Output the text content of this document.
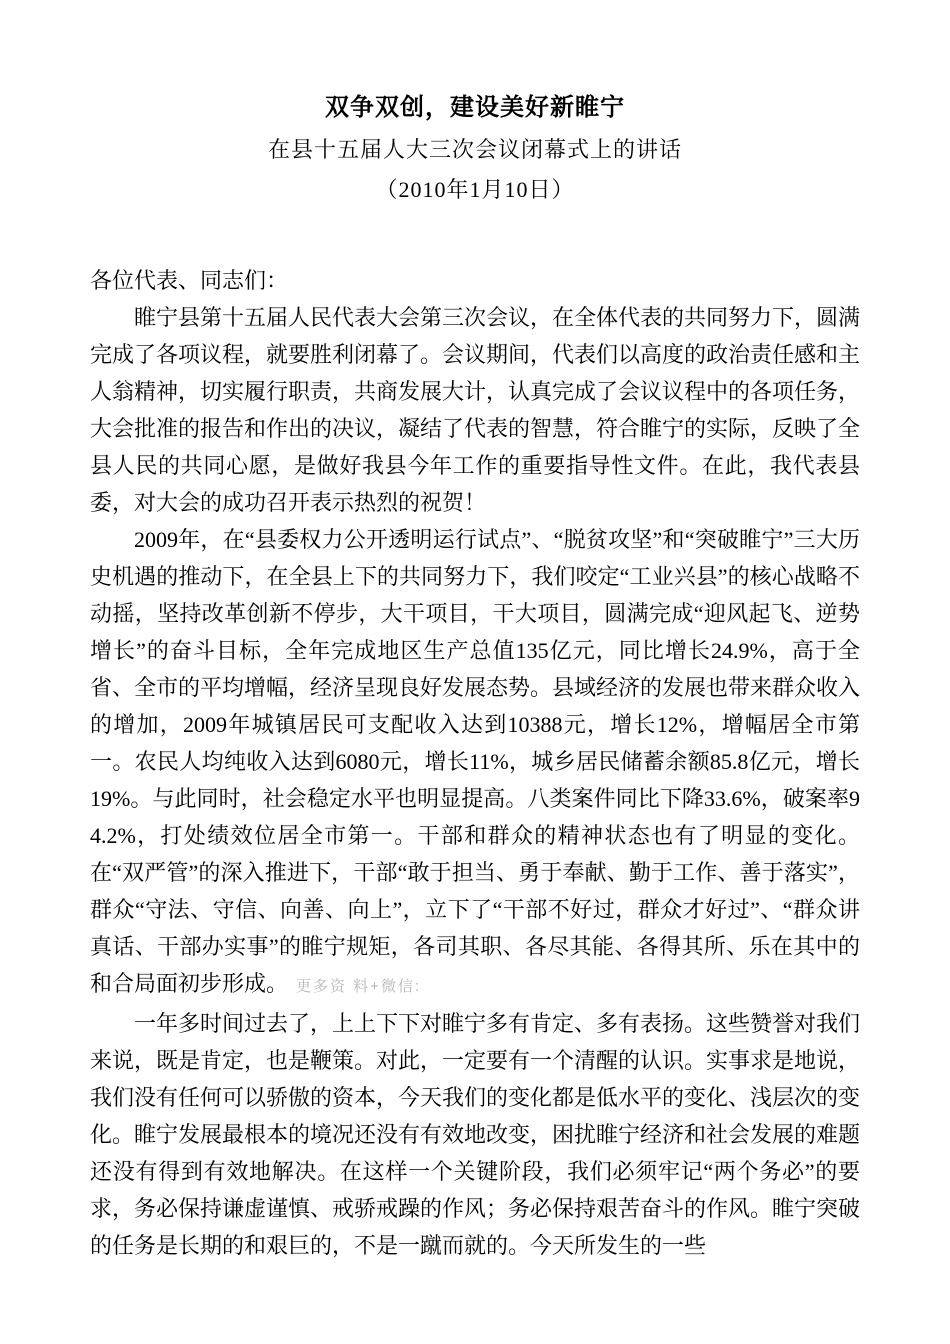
双争双创，建设美好新睢宁
在县十五届人大三次会议闭幕式上的讲话
（2010年1月10日）

各位代表、同志们：

睢宁县第十五届人民代表大会第三次会议，在全体代表的共同努力下，圆满完成了各项议程，就要胜利闭幕了。会议期间，代表们以高度的政治责任感和主人翁精神，切实履行职责，共商发展大计，认真完成了会议议程中的各项任务，大会批准的报告和作出的决议，凝结了代表的智慧，符合睢宁的实际，反映了全县人民的共同心愿，是做好我县今年工作的重要指导性文件。在此，我代表县委，对大会的成功召开表示热烈的祝贺！

2009年，在“县委权力公开透明运行试点”、“脱贫攻坚”和“突破睢宁”三大历史机遇的推动下，在全县上下的共同努力下，我们咬定“工业兴县”的核心战略不动摇，坚持改革创新不停步，大干项目，干大项目，圆满完成“迎风起飞、逆势增长”的奋斗目标，全年完成地区生产总值135亿元，同比增长24.9%，高于全省、全市的平均增幅，经济呈现良好发展态势。县域经济的发展也带来群众收入的增加，2009年城镇居民可支配收入达到10388元，增长12%，增幅居全市第一。农民人均纯收入达到6080元，增长11%，城乡居民储蓄余额85.8亿元，增长19%。与此同时，社会稳定水平也明显提高。八类案件同比下降33.6%，破案率94.2%，打处绩效位居全市第一。干部和群众的精神状态也有了明显的变化。在“双严管”的深入推进下，干部“敢于担当、勇于奉献、勤于工作、善于落实”，群众“守法、守信、向善、向上”，立下了“干部不好过，群众才好过”、“群众讲真话、干部办实事”的睢宁规矩，各司其职、各尽其能、各得其所、乐在其中的和合局面初步形成。 更多资 料+微信:

一年多时间过去了，上上下下对睢宁多有肯定、多有表扬。这些赞誉对我们来说，既是肯定，也是鞭策。对此，一定要有一个清醒的认识。实事求是地说，我们没有任何可以骄傲的资本，今天我们的变化都是低水平的变化、浅层次的变化。睢宁发展最根本的境况还没有有效地改变，困扰睢宁经济和社会发展的难题还没有得到有效地解决。在这样一个关键阶段，我们必须牢记“两个务必”的要求，务必保持谦虚谨慎、戒骄戒躁的作风；务必保持艰苦奋斗的作风。睢宁突破的任务是长期的和艰巨的，不是一蹴而就的。今天所发生的一些
